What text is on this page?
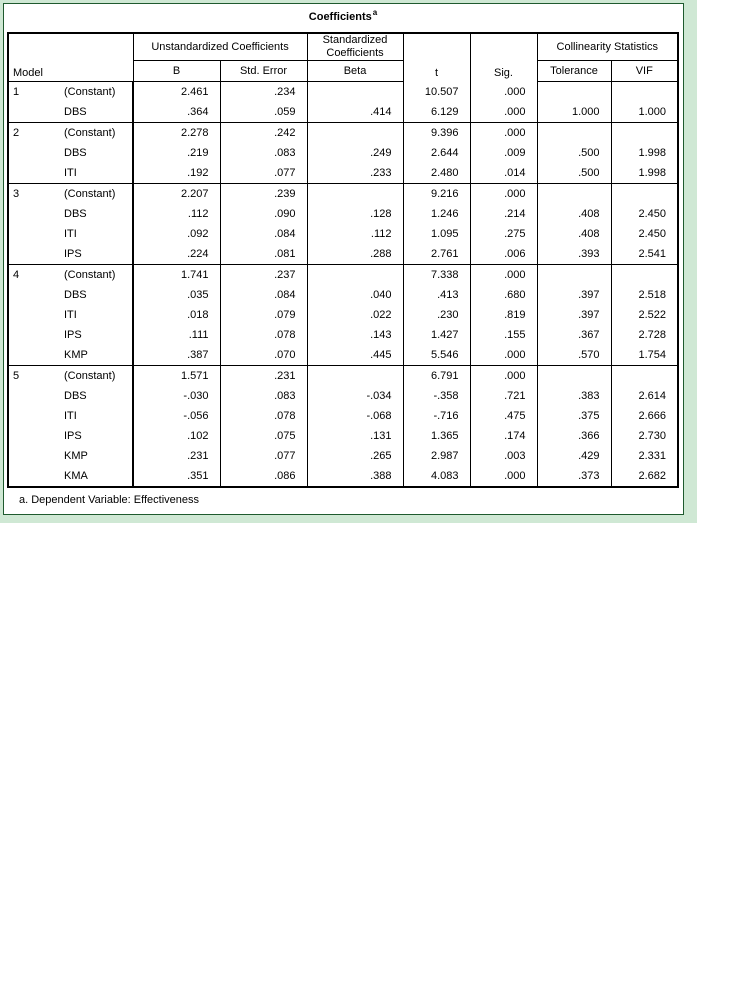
Coefficients$^a$
Model		Unstandardized Coefficients		Standardized Coefficients	t	Sig.	Collinearity Statistics	
		B	Std. Error	Beta			Tolerance	VIF
1	(Constant)	2.461	.234		10.507	.000		
	DBS	.364	.059	.414	6.129	.000	1.000	1.000
2	(Constant)	2.278	.242		9.396	.000		
	DBS	.219	.083	.249	2.644	.009	.500	1.998
	ITI	.192	.077	.233	2.480	.014	.500	1.998
3	(Constant)	2.207	.239		9.216	.000		
	DBS	.112	.090	.128	1.246	.214	.408	2.450
	ITI	.092	.084	.112	1.095	.275	.408	2.450
	IPS	.224	.081	.288	2.761	.006	.393	2.541
4	(Constant)	1.741	.237		7.338	.000		
	DBS	.035	.084	.040	.413	.680	.397	2.518
	ITI	.018	.079	.022	.230	.819	.397	2.522
	IPS	.111	.078	.143	1.427	.155	.367	2.728
	KMP	.387	.070	.445	5.546	.000	.570	1.754
5	(Constant)	1.571	.231		6.791	.000		
	DBS	-.030	.083	-.034	-.358	.721	.383	2.614
	ITI	-.056	.078	-.068	-.716	.475	.375	2.666
	IPS	.102	.075	.131	1.365	.174	.366	2.730
	KMP	.231	.077	.265	2.987	.003	.429	2.331
	KMA	.351	.086	.388	4.083	.000	.373	2.682
a. Dependent Variable: Effectiveness
